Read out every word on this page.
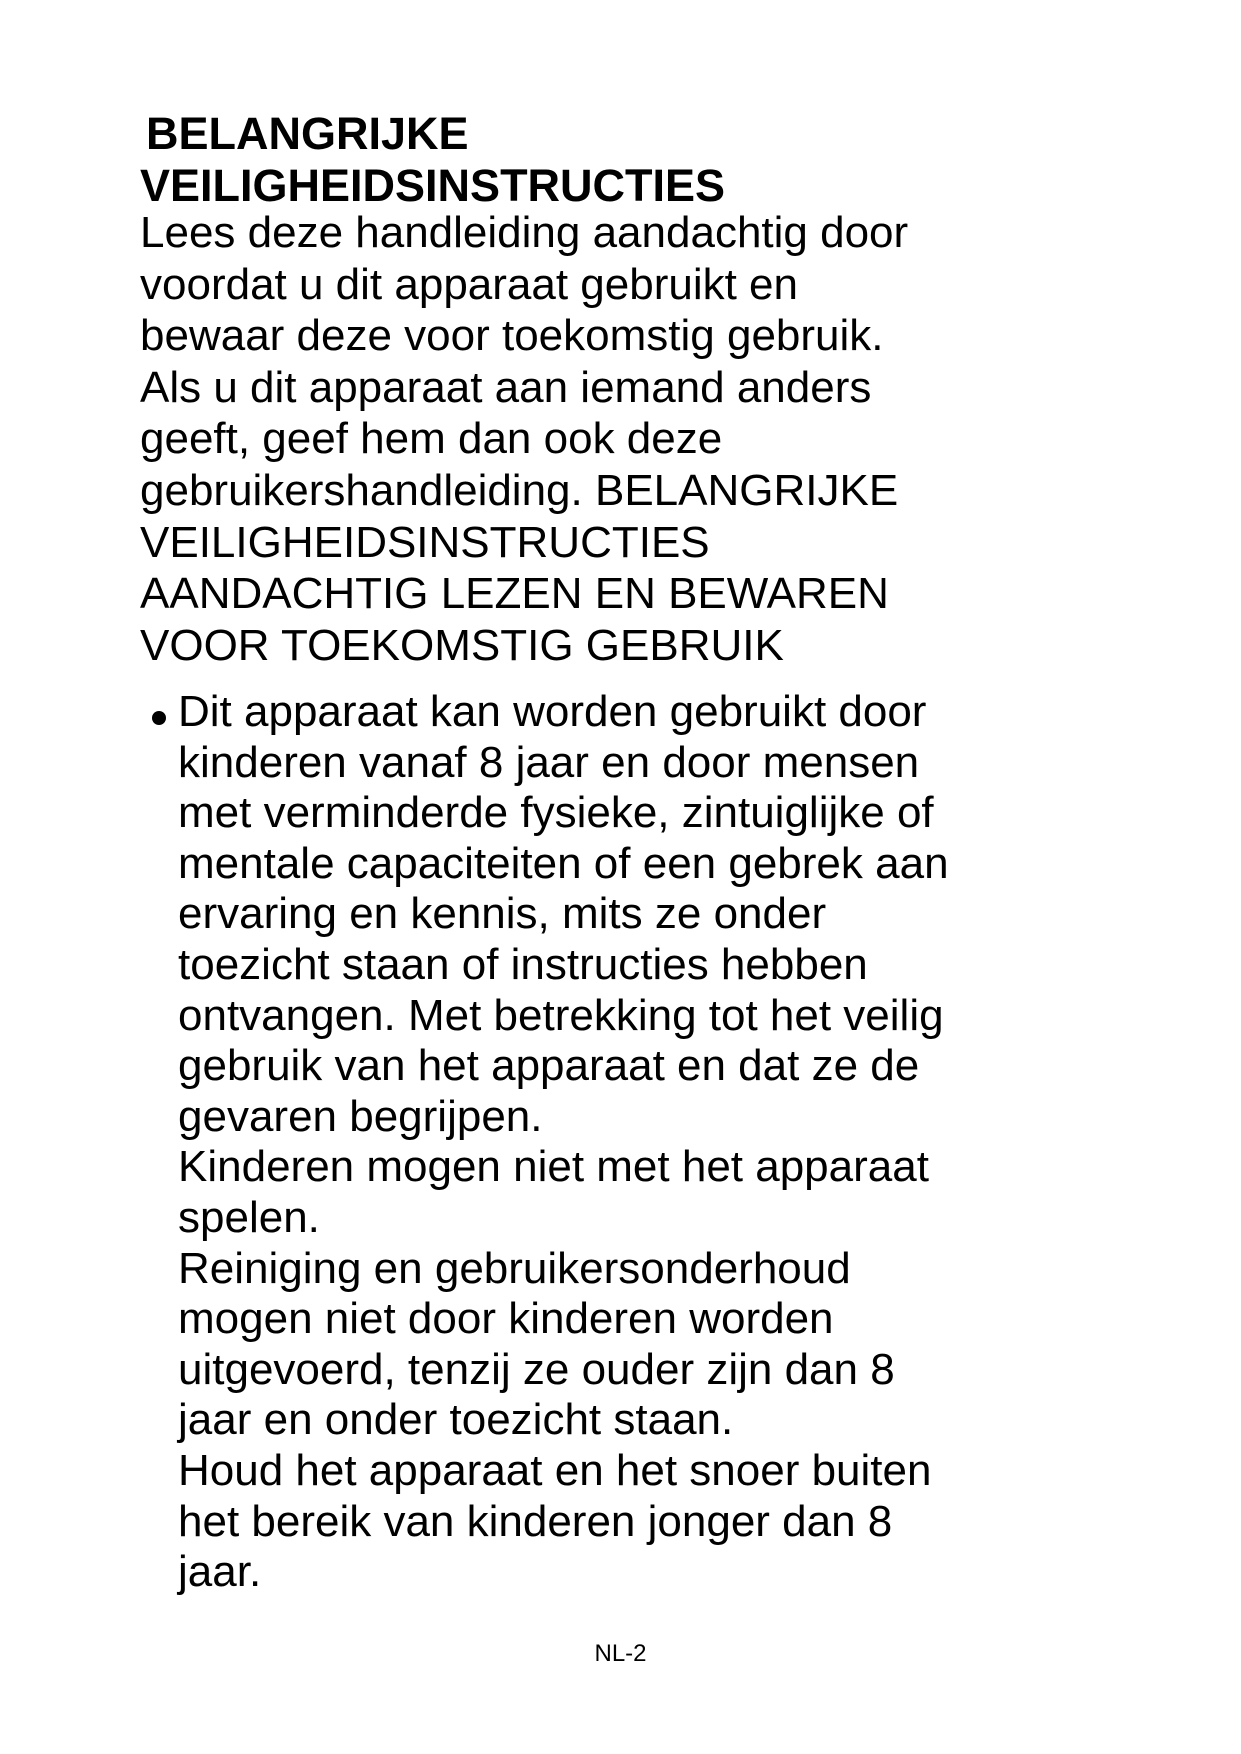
BELANGRIJKE
VEILIGHEIDSINSTRUCTIES

Lees deze handleiding aandachtig door
voordat u dit apparaat gebruikt en
bewaar deze voor toekomstig gebruik.
Als u dit apparaat aan iemand anders
geeft, geef hem dan ook deze
gebruikershandleiding. BELANGRIJKE
VEILIGHEIDSINSTRUCTIES
AANDACHTIG LEZEN EN BEWAREN
VOOR TOEKOMSTIG GEBRUIK

Dit apparaat kan worden gebruikt door
kinderen vanaf 8 jaar en door mensen
met verminderde fysieke, zintuiglijke of
mentale capaciteiten of een gebrek aan
ervaring en kennis, mits ze onder
toezicht staan of instructies hebben
ontvangen. Met betrekking tot het veilig
gebruik van het apparaat en dat ze de
gevaren begrijpen.
Kinderen mogen niet met het apparaat
spelen.
Reiniging en gebruikersonderhoud
mogen niet door kinderen worden
uitgevoerd, tenzij ze ouder zijn dan 8
jaar en onder toezicht staan.
Houd het apparaat en het snoer buiten
het bereik van kinderen jonger dan 8
jaar.
NL-2
